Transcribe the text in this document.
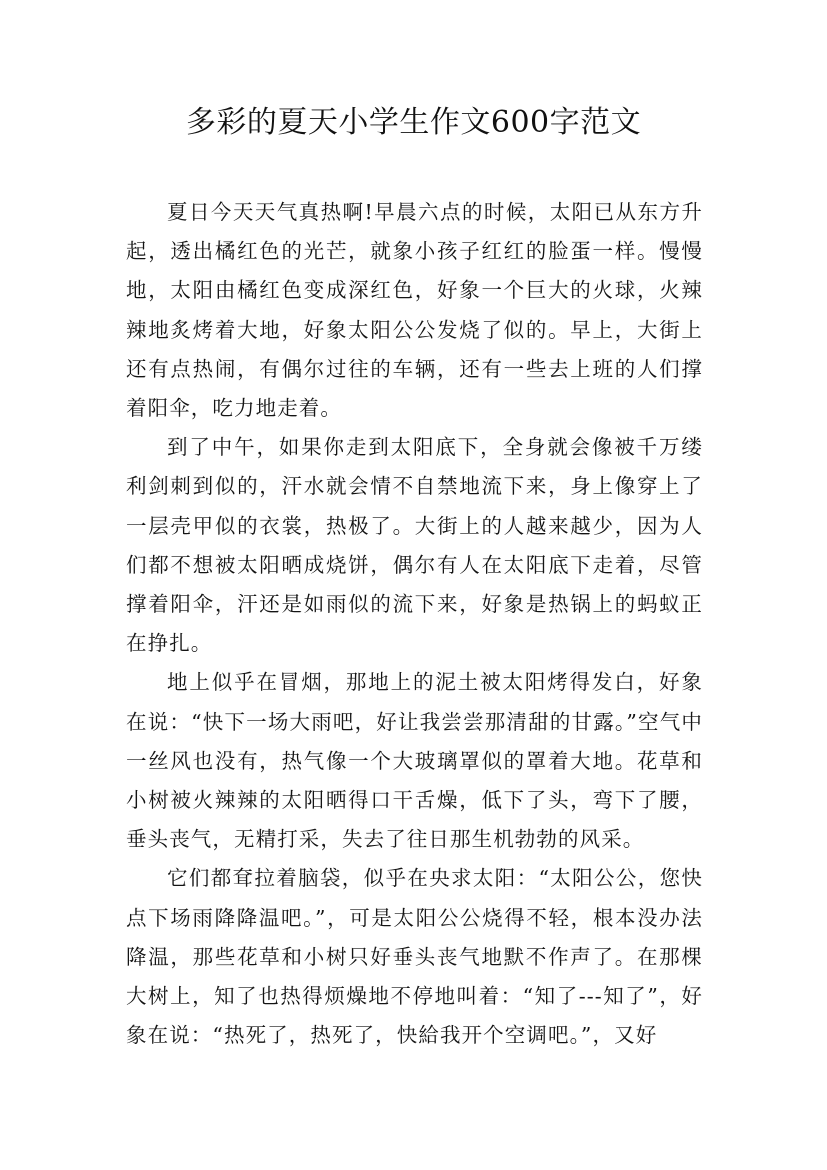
多彩的夏天小学生作文600字范文

夏日今天天气真热啊!早晨六点的时候，太阳已从东方升起，透出橘红色的光芒，就象小孩子红红的脸蛋一样。慢慢地，太阳由橘红色变成深红色，好象一个巨大的火球，火辣辣地炙烤着大地，好象太阳公公发烧了似的。早上，大街上还有点热闹，有偶尔过往的车辆，还有一些去上班的人们撑着阳伞，吃力地走着。

到了中午，如果你走到太阳底下，全身就会像被千万缕利剑刺到似的，汗水就会情不自禁地流下来，身上像穿上了一层壳甲似的衣裳，热极了。大街上的人越来越少，因为人们都不想被太阳晒成烧饼，偶尔有人在太阳底下走着，尽管撑着阳伞，汗还是如雨似的流下来，好象是热锅上的蚂蚁正在挣扎。

地上似乎在冒烟，那地上的泥土被太阳烤得发白，好象在说：“快下一场大雨吧，好让我尝尝那清甜的甘露。”空气中一丝风也没有，热气像一个大玻璃罩似的罩着大地。花草和小树被火辣辣的太阳晒得口干舌燥，低下了头，弯下了腰，垂头丧气，无精打采，失去了往日那生机勃勃的风采。

它们都耷拉着脑袋，似乎在央求太阳：“太阳公公，您快点下场雨降降温吧。”，可是太阳公公烧得不轻，根本没办法降温，那些花草和小树只好垂头丧气地默不作声了。在那棵大树上，知了也热得烦燥地不停地叫着：“知了---知了”，好象在说：“热死了，热死了，快給我开个空调吧。”，又好
